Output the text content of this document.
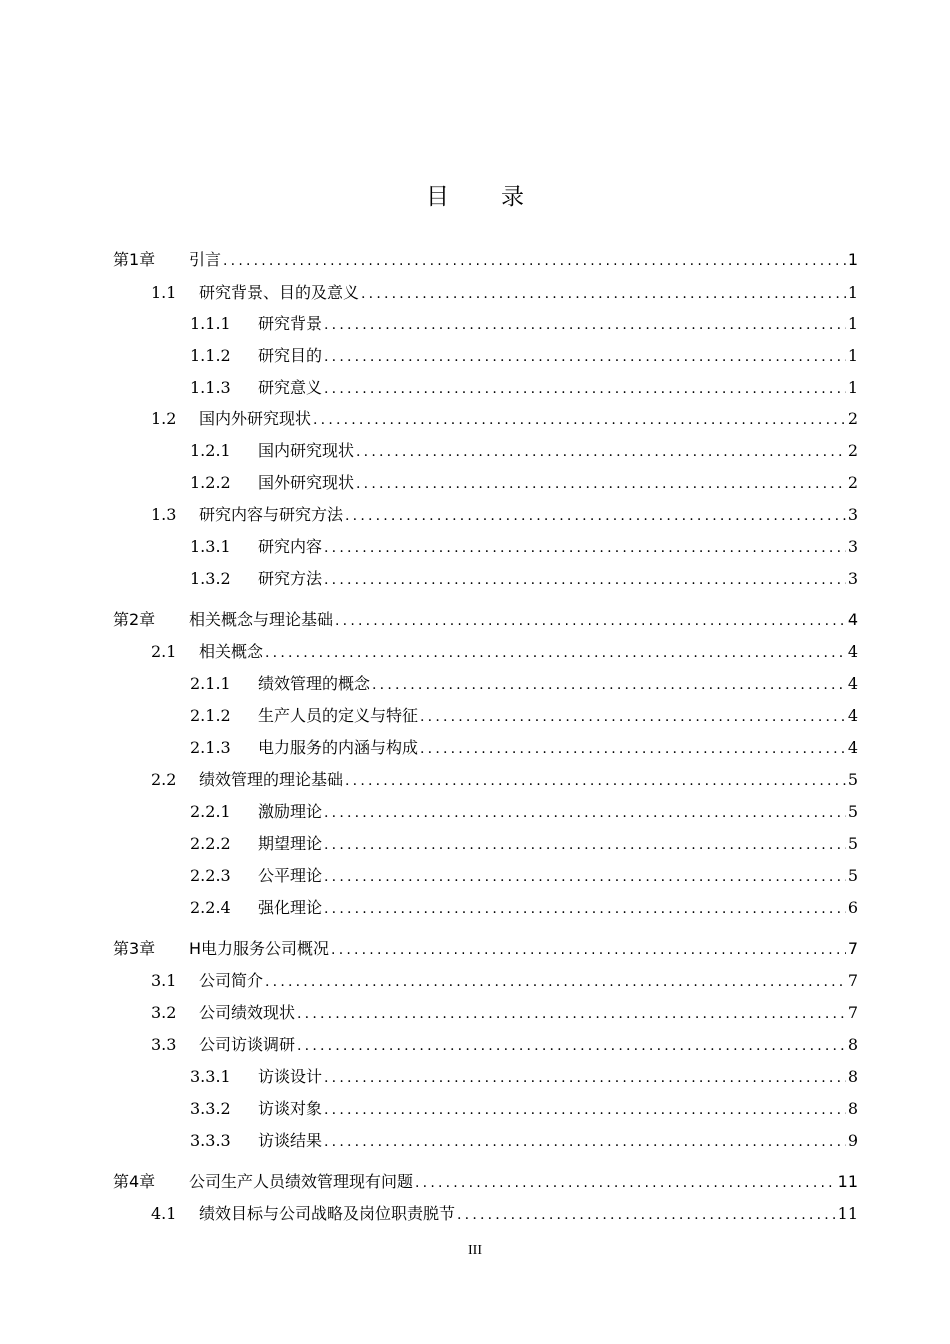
目 录
第1章	引言 .....	1
1.1	研究背景、目的及意义 .....	1
1.1.1	研究背景 .....	1
1.1.2	研究目的 .....	1
1.1.3	研究意义 .....	1
1.2	国内外研究现状 .....	2
1.2.1	国内研究现状 .....	2
1.2.2	国外研究现状 .....	2
1.3	研究内容与研究方法 .....	3
1.3.1	研究内容 .....	3
1.3.2	研究方法 .....	3
第2章	相关概念与理论基础 .....	4
2.1	相关概念 .....	4
2.1.1	绩效管理的概念 .....	4
2.1.2	生产人员的定义与特征 .....	4
2.1.3	电力服务的内涵与构成 .....	4
2.2	绩效管理的理论基础 .....	5
2.2.1	激励理论 .....	5
2.2.2	期望理论 .....	5
2.2.3	公平理论 .....	5
2.2.4	强化理论 .....	6
第3章	H电力服务公司概况 .....	7
3.1	公司简介 .....	7
3.2	公司绩效现状 .....	7
3.3	公司访谈调研 .....	8
3.3.1	访谈设计 .....	8
3.3.2	访谈对象 .....	8
3.3.3	访谈结果 .....	9
第4章	公司生产人员绩效管理现有问题 .....	11
4.1	绩效目标与公司战略及岗位职责脱节 .....	11
III
